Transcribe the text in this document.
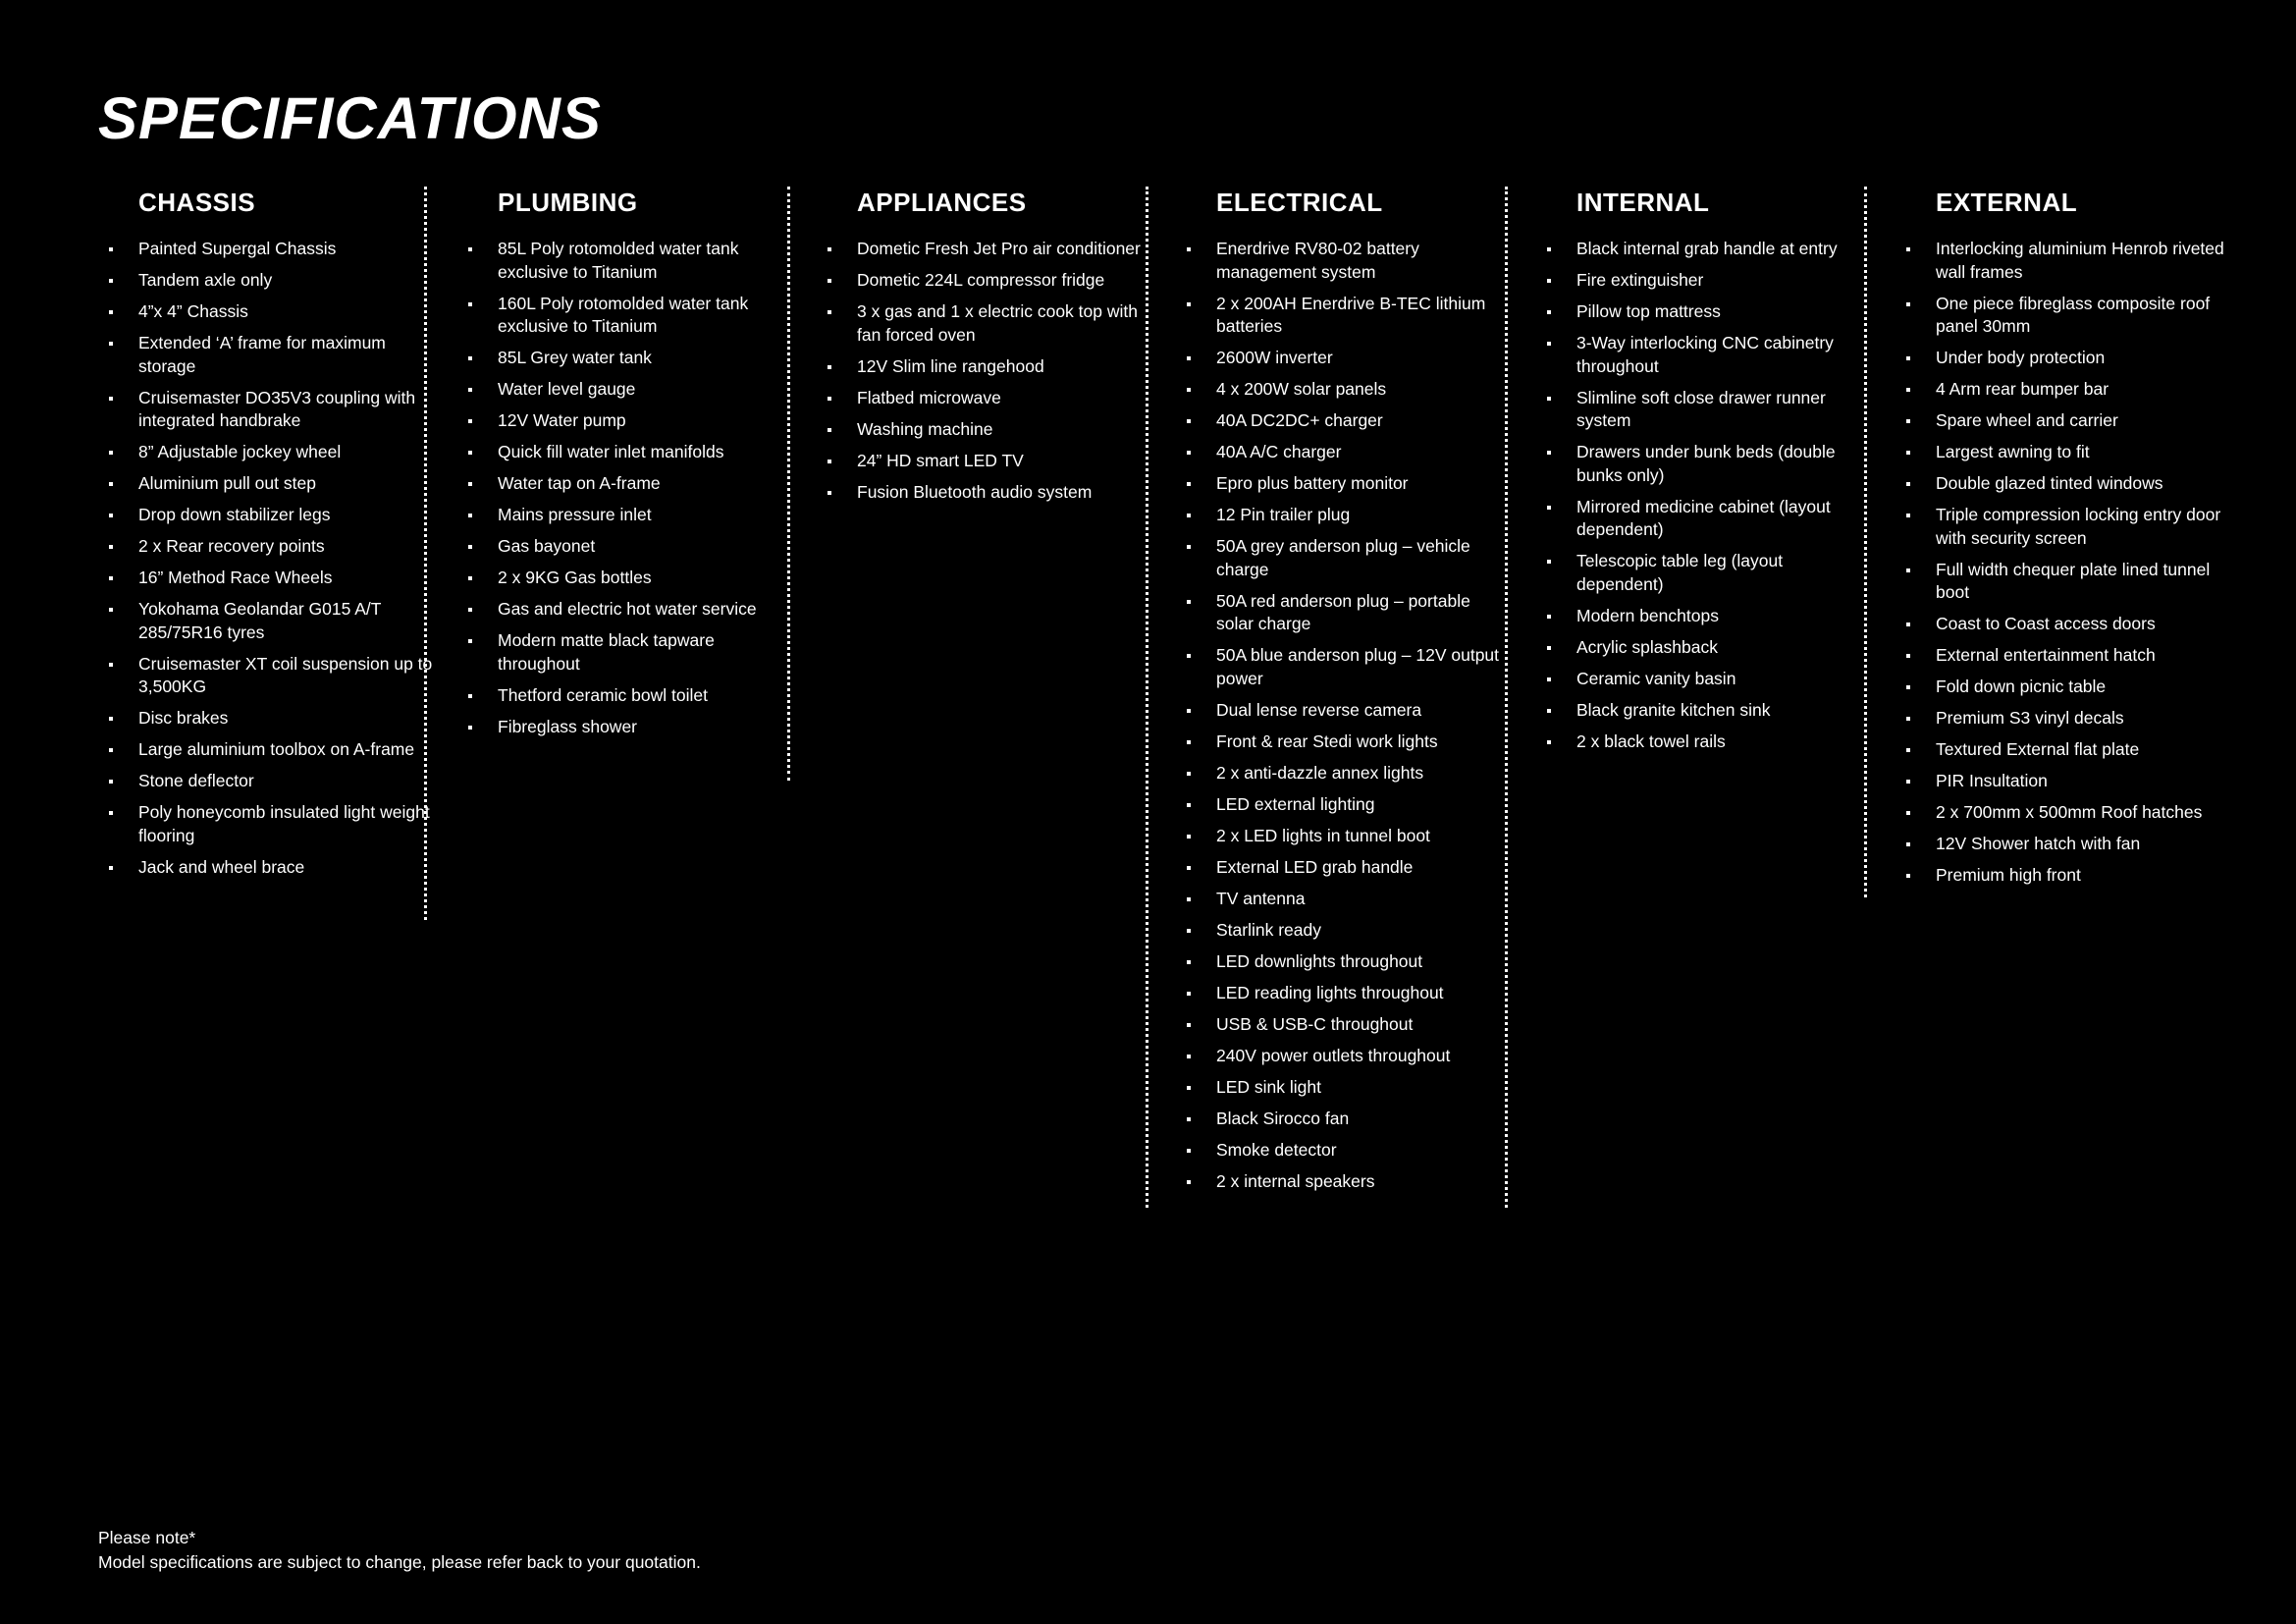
SPECIFICATIONS
CHASSIS
Painted Supergal Chassis
Tandem axle only
4”x 4” Chassis
Extended ‘A’ frame for maximum storage
Cruisemaster DO35V3 coupling with integrated handbrake
8” Adjustable jockey wheel
Aluminium pull out step
Drop down stabilizer legs
2 x Rear recovery points
16” Method Race Wheels
Yokohama Geolandar G015 A/T 285/75R16 tyres
Cruisemaster XT coil suspension up to 3,500KG
Disc brakes
Large aluminium toolbox on A-frame
Stone deflector
Poly honeycomb insulated light weight flooring
Jack and wheel brace
PLUMBING
85L Poly rotomolded water tank exclusive to Titanium
160L Poly rotomolded water tank exclusive to Titanium
85L Grey water tank
Water level gauge
12V Water pump
Quick fill water inlet manifolds
Water tap on A-frame
Mains pressure inlet
Gas bayonet
2 x 9KG Gas bottles
Gas and electric hot water service
Modern matte black tapware throughout
Thetford ceramic bowl toilet
Fibreglass shower
APPLIANCES
Dometic Fresh Jet Pro air conditioner
Dometic 224L compressor fridge
3 x gas and 1 x electric cook top with fan forced oven
12V Slim line rangehood
Flatbed microwave
Washing machine
24” HD smart LED TV
Fusion Bluetooth audio system
ELECTRICAL
Enerdrive RV80-02 battery management system
2 x 200AH Enerdrive B-TEC lithium batteries
2600W inverter
4 x 200W solar panels
40A DC2DC+ charger
40A A/C charger
Epro plus battery monitor
12 Pin trailer plug
50A grey anderson plug – vehicle charge
50A red anderson plug – portable solar charge
50A blue anderson plug – 12V output power
Dual lense reverse camera
Front & rear Stedi work lights
2 x anti-dazzle annex lights
LED external lighting
2 x LED lights in tunnel boot
External LED grab handle
TV antenna
Starlink ready
LED downlights throughout
LED reading lights throughout
USB & USB-C throughout
240V power outlets throughout
LED sink light
Black Sirocco fan
Smoke detector
2 x internal speakers
INTERNAL
Black internal grab handle at entry
Fire extinguisher
Pillow top mattress
3-Way interlocking CNC cabinetry throughout
Slimline soft close drawer runner system
Drawers under bunk beds (double bunks only)
Mirrored medicine cabinet (layout dependent)
Telescopic table leg (layout dependent)
Modern benchtops
Acrylic splashback
Ceramic vanity basin
Black granite kitchen sink
2 x black towel rails
EXTERNAL
Interlocking aluminium Henrob riveted wall frames
One piece fibreglass composite roof panel 30mm
Under body protection
4 Arm rear bumper bar
Spare wheel and carrier
Largest awning to fit
Double glazed tinted windows
Triple compression locking entry door with security screen
Full width chequer plate lined tunnel boot
Coast to Coast access doors
External entertainment hatch
Fold down picnic table
Premium S3 vinyl decals
Textured External flat plate
PIR Insultation
2 x 700mm x 500mm Roof hatches
12V Shower hatch with fan
Premium high front
Please note*
Model specifications are subject to change, please refer back to your quotation.
